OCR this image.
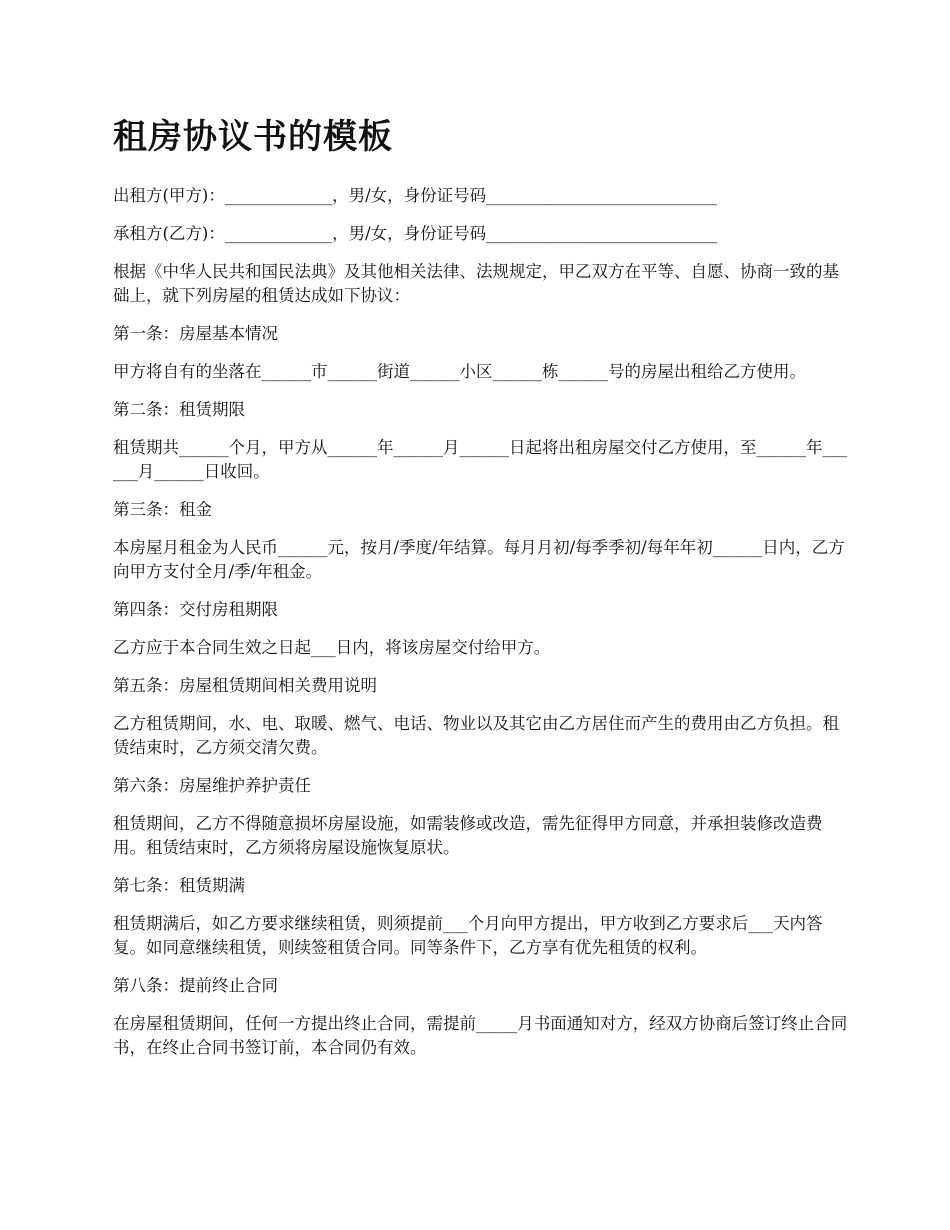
租房协议书的模板

出租方(甲方)：_____________，男/女，身份证号码____________________________

承租方(乙方)：_____________，男/女，身份证号码____________________________

根据《中华人民共和国民法典》及其他相关法律、法规规定，甲乙双方在平等、自愿、协商一致的基础上，就下列房屋的租赁达成如下协议：

第一条：房屋基本情况

甲方将自有的坐落在______市______街道______小区______栋______号的房屋出租给乙方使用。

第二条：租赁期限

租赁期共______个月，甲方从______年______月______日起将出租房屋交付乙方使用，至______年______月______日收回。

第三条：租金

本房屋月租金为人民币______元，按月/季度/年结算。每月月初/每季季初/每年年初______日内，乙方向甲方支付全月/季/年租金。

第四条：交付房租期限

乙方应于本合同生效之日起___日内，将该房屋交付给甲方。

第五条：房屋租赁期间相关费用说明

乙方租赁期间，水、电、取暖、燃气、电话、物业以及其它由乙方居住而产生的费用由乙方负担。租赁结束时，乙方须交清欠费。

第六条：房屋维护养护责任

租赁期间，乙方不得随意损坏房屋设施，如需装修或改造，需先征得甲方同意，并承担装修改造费用。租赁结束时，乙方须将房屋设施恢复原状。

第七条：租赁期满

租赁期满后，如乙方要求继续租赁，则须提前___个月向甲方提出，甲方收到乙方要求后___天内答复。如同意继续租赁，则续签租赁合同。同等条件下，乙方享有优先租赁的权利。

第八条：提前终止合同

在房屋租赁期间，任何一方提出终止合同，需提前_____月书面通知对方，经双方协商后签订终止合同书，在终止合同书签订前，本合同仍有效。
